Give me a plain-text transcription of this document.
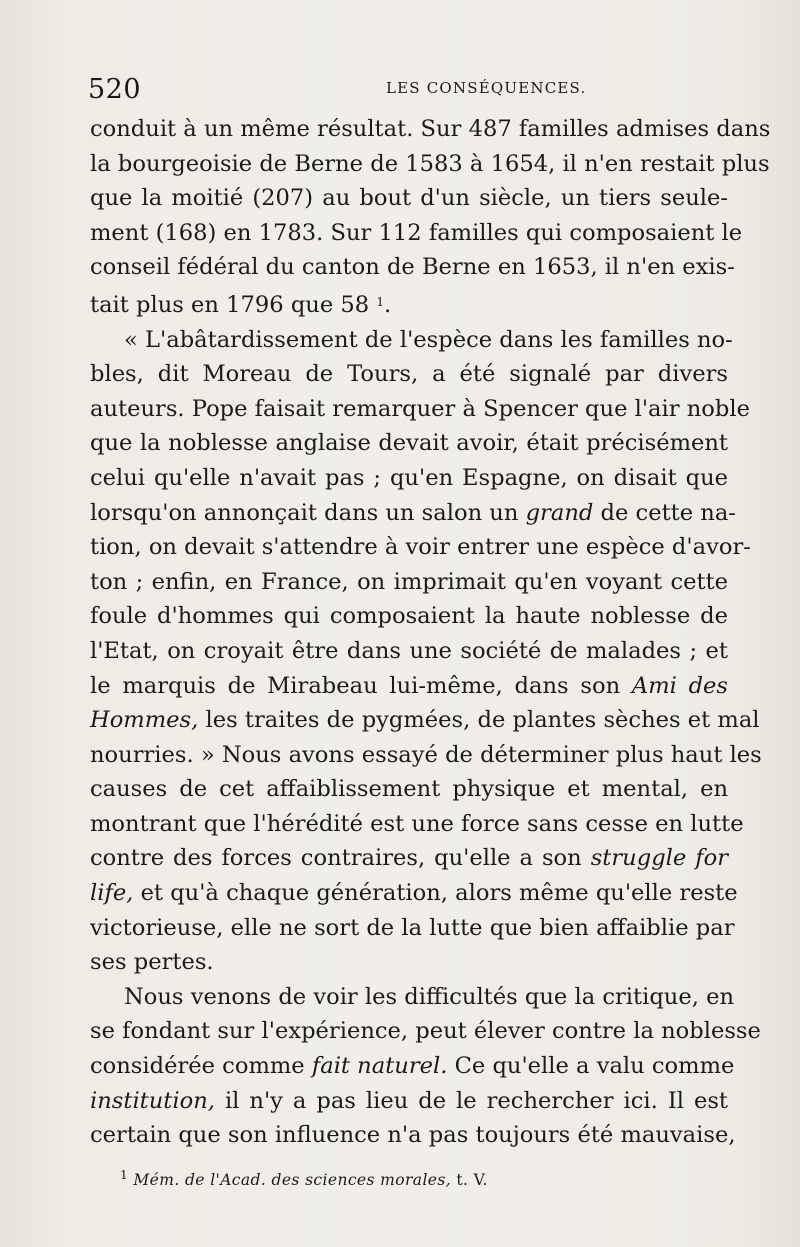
520	LES CONSÉQUENCES.
conduit à un même résultat. Sur 487 familles admises dans
la bourgeoisie de Berne de 1583 à 1654, il n'en restait plus
que la moitié (207) au bout d'un siècle, un tiers seule-
ment (168) en 1783. Sur 112 familles qui composaient le
conseil fédéral du canton de Berne en 1653, il n'en exis-
tait plus en 1796 que 58 $^1$.
« L'abâtardissement de l'espèce dans les familles no-
bles, dit Moreau de Tours, a été signalé par divers
auteurs. Pope faisait remarquer à Spencer que l'air noble
que la noblesse anglaise devait avoir, était précisément
celui qu'elle n'avait pas ; qu'en Espagne, on disait que
lorsqu'on annonçait dans un salon un grand de cette na-
tion, on devait s'attendre à voir entrer une espèce d'avor-
ton ; enfin, en France, on imprimait qu'en voyant cette
foule d'hommes qui composaient la haute noblesse de
l'Etat, on croyait être dans une société de malades ; et
le marquis de Mirabeau lui-même, dans son Ami des
Hommes, les traites de pygmées, de plantes sèches et mal
nourries. » Nous avons essayé de déterminer plus haut les
causes de cet affaiblissement physique et mental, en
montrant que l'hérédité est une force sans cesse en lutte
contre des forces contraires, qu'elle a son struggle for
life, et qu'à chaque génération, alors même qu'elle reste
victorieuse, elle ne sort de la lutte que bien affaiblie par
ses pertes.
Nous venons de voir les difficultés que la critique, en
se fondant sur l'expérience, peut élever contre la noblesse
considérée comme fait naturel. Ce qu'elle a valu comme
institution, il n'y a pas lieu de le rechercher ici. Il est
certain que son influence n'a pas toujours été mauvaise,
$^1$ Mém. de l'Acad. des sciences morales, t. V.
